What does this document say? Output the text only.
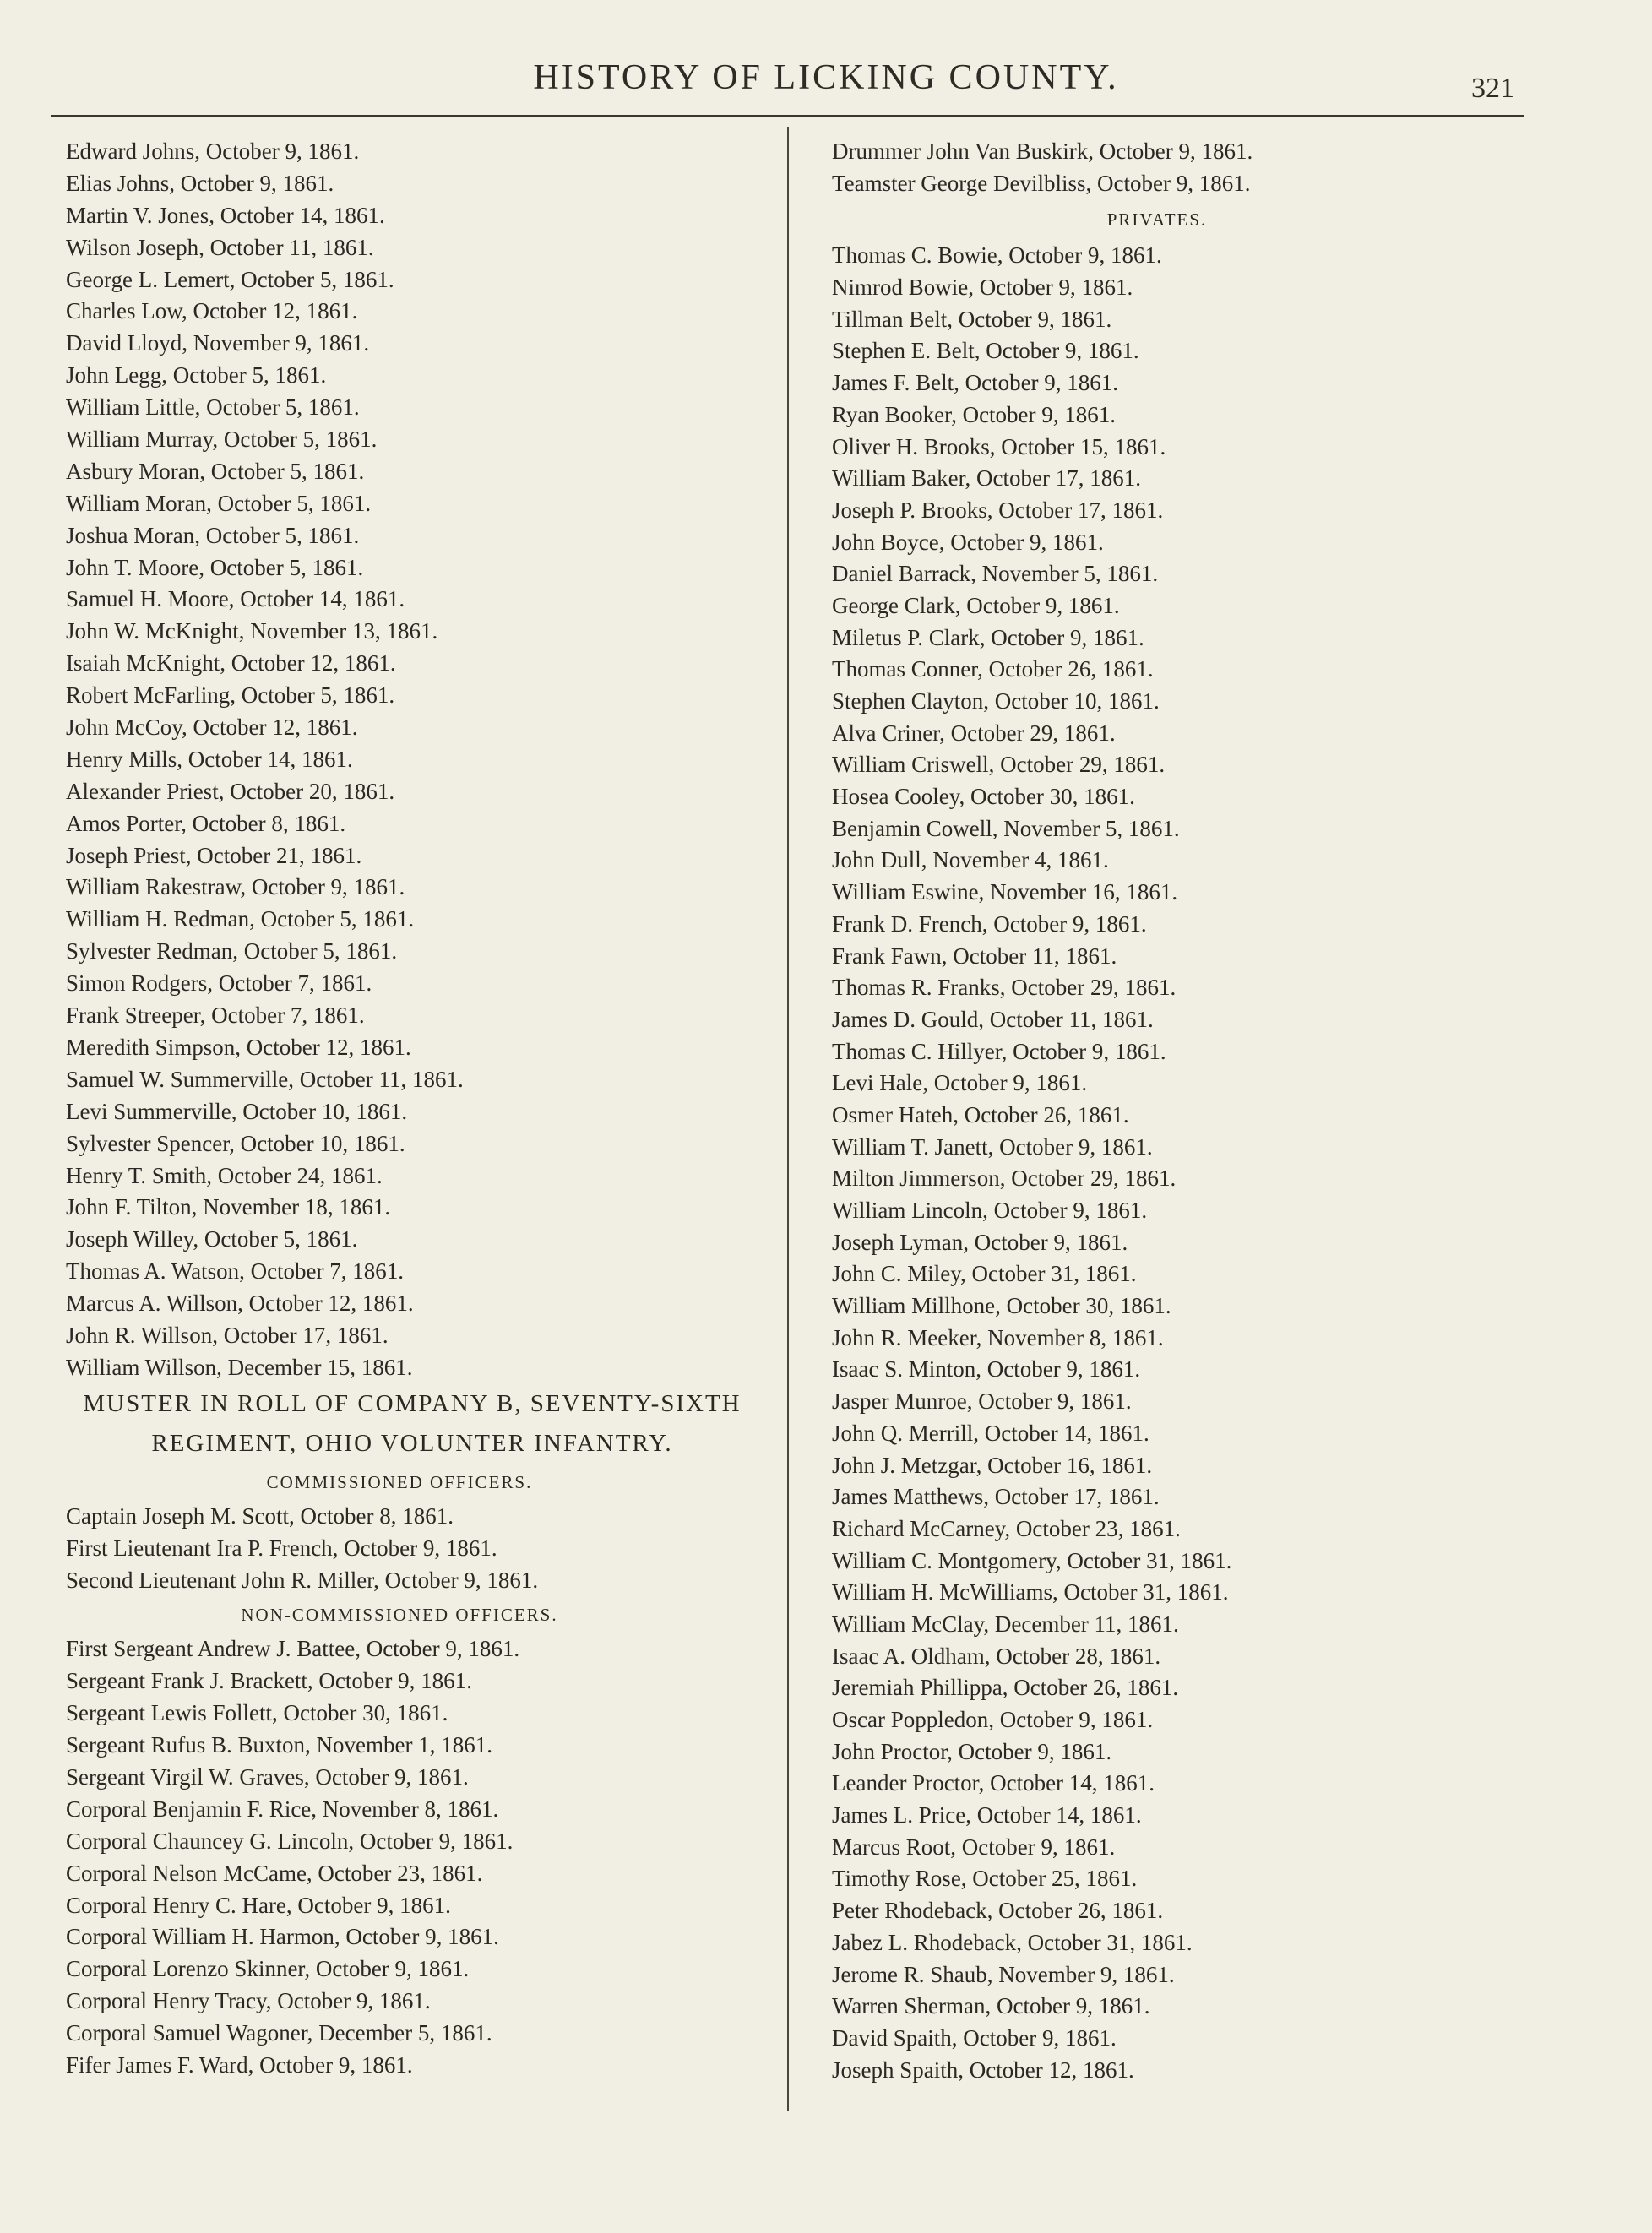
HISTORY OF LICKING COUNTY.	321
Edward Johns, October 9, 1861.
Elias Johns, October 9, 1861.
Martin V. Jones, October 14, 1861.
Wilson Joseph, October 11, 1861.
George L. Lemert, October 5, 1861.
Charles Low, October 12, 1861.
David Lloyd, November 9, 1861.
John Legg, October 5, 1861.
William Little, October 5, 1861.
William Murray, October 5, 1861.
Asbury Moran, October 5, 1861.
William Moran, October 5, 1861.
Joshua Moran, October 5, 1861.
John T. Moore, October 5, 1861.
Samuel H. Moore, October 14, 1861.
John W. McKnight, November 13, 1861.
Isaiah McKnight, October 12, 1861.
Robert McFarling, October 5, 1861.
John McCoy, October 12, 1861.
Henry Mills, October 14, 1861.
Alexander Priest, October 20, 1861.
Amos Porter, October 8, 1861.
Joseph Priest, October 21, 1861.
William Rakestraw, October 9, 1861.
William H. Redman, October 5, 1861.
Sylvester Redman, October 5, 1861.
Simon Rodgers, October 7, 1861.
Frank Streeper, October 7, 1861.
Meredith Simpson, October 12, 1861.
Samuel W. Summerville, October 11, 1861.
Levi Summerville, October 10, 1861.
Sylvester Spencer, October 10, 1861.
Henry T. Smith, October 24, 1861.
John F. Tilton, November 18, 1861.
Joseph Willey, October 5, 1861.
Thomas A. Watson, October 7, 1861.
Marcus A. Willson, October 12, 1861.
John R. Willson, October 17, 1861.
William Willson, December 15, 1861.
MUSTER IN ROLL OF COMPANY B, SEVENTY-SIXTH
REGIMENT, OHIO VOLUNTER INFANTRY.
COMMISSIONED OFFICERS.
Captain Joseph M. Scott, October 8, 1861.
First Lieutenant Ira P. French, October 9, 1861.
Second Lieutenant John R. Miller, October 9, 1861.
NON-COMMISSIONED OFFICERS.
First Sergeant Andrew J. Battee, October 9, 1861.
Sergeant Frank J. Brackett, October 9, 1861.
Sergeant Lewis Follett, October 30, 1861.
Sergeant Rufus B. Buxton, November 1, 1861.
Sergeant Virgil W. Graves, October 9, 1861.
Corporal Benjamin F. Rice, November 8, 1861.
Corporal Chauncey G. Lincoln, October 9, 1861.
Corporal Nelson McCame, October 23, 1861.
Corporal Henry C. Hare, October 9, 1861.
Corporal William H. Harmon, October 9, 1861.
Corporal Lorenzo Skinner, October 9, 1861.
Corporal Henry Tracy, October 9, 1861.
Corporal Samuel Wagoner, December 5, 1861.
Fifer James F. Ward, October 9, 1861.
Drummer John Van Buskirk, October 9, 1861.
Teamster George Devilbliss, October 9, 1861.
PRIVATES.
Thomas C. Bowie, October 9, 1861.
Nimrod Bowie, October 9, 1861.
Tillman Belt, October 9, 1861.
Stephen E. Belt, October 9, 1861.
James F. Belt, October 9, 1861.
Ryan Booker, October 9, 1861.
Oliver H. Brooks, October 15, 1861.
William Baker, October 17, 1861.
Joseph P. Brooks, October 17, 1861.
John Boyce, October 9, 1861.
Daniel Barrack, November 5, 1861.
George Clark, October 9, 1861.
Miletus P. Clark, October 9, 1861.
Thomas Conner, October 26, 1861.
Stephen Clayton, October 10, 1861.
Alva Criner, October 29, 1861.
William Criswell, October 29, 1861.
Hosea Cooley, October 30, 1861.
Benjamin Cowell, November 5, 1861.
John Dull, November 4, 1861.
William Eswine, November 16, 1861.
Frank D. French, October 9, 1861.
Frank Fawn, October 11, 1861.
Thomas R. Franks, October 29, 1861.
James D. Gould, October 11, 1861.
Thomas C. Hillyer, October 9, 1861.
Levi Hale, October 9, 1861.
Osmer Hateh, October 26, 1861.
William T. Janett, October 9, 1861.
Milton Jimmerson, October 29, 1861.
William Lincoln, October 9, 1861.
Joseph Lyman, October 9, 1861.
John C. Miley, October 31, 1861.
William Millhone, October 30, 1861.
John R. Meeker, November 8, 1861.
Isaac S. Minton, October 9, 1861.
Jasper Munroe, October 9, 1861.
John Q. Merrill, October 14, 1861.
John J. Metzgar, October 16, 1861.
James Matthews, October 17, 1861.
Richard McCarney, October 23, 1861.
William C. Montgomery, October 31, 1861.
William H. McWilliams, October 31, 1861.
William McClay, December 11, 1861.
Isaac A. Oldham, October 28, 1861.
Jeremiah Phillippa, October 26, 1861.
Oscar Poppledon, October 9, 1861.
John Proctor, October 9, 1861.
Leander Proctor, October 14, 1861.
James L. Price, October 14, 1861.
Marcus Root, October 9, 1861.
Timothy Rose, October 25, 1861.
Peter Rhodeback, October 26, 1861.
Jabez L. Rhodeback, October 31, 1861.
Jerome R. Shaub, November 9, 1861.
Warren Sherman, October 9, 1861.
David Spaith, October 9, 1861.
Joseph Spaith, October 12, 1861.
